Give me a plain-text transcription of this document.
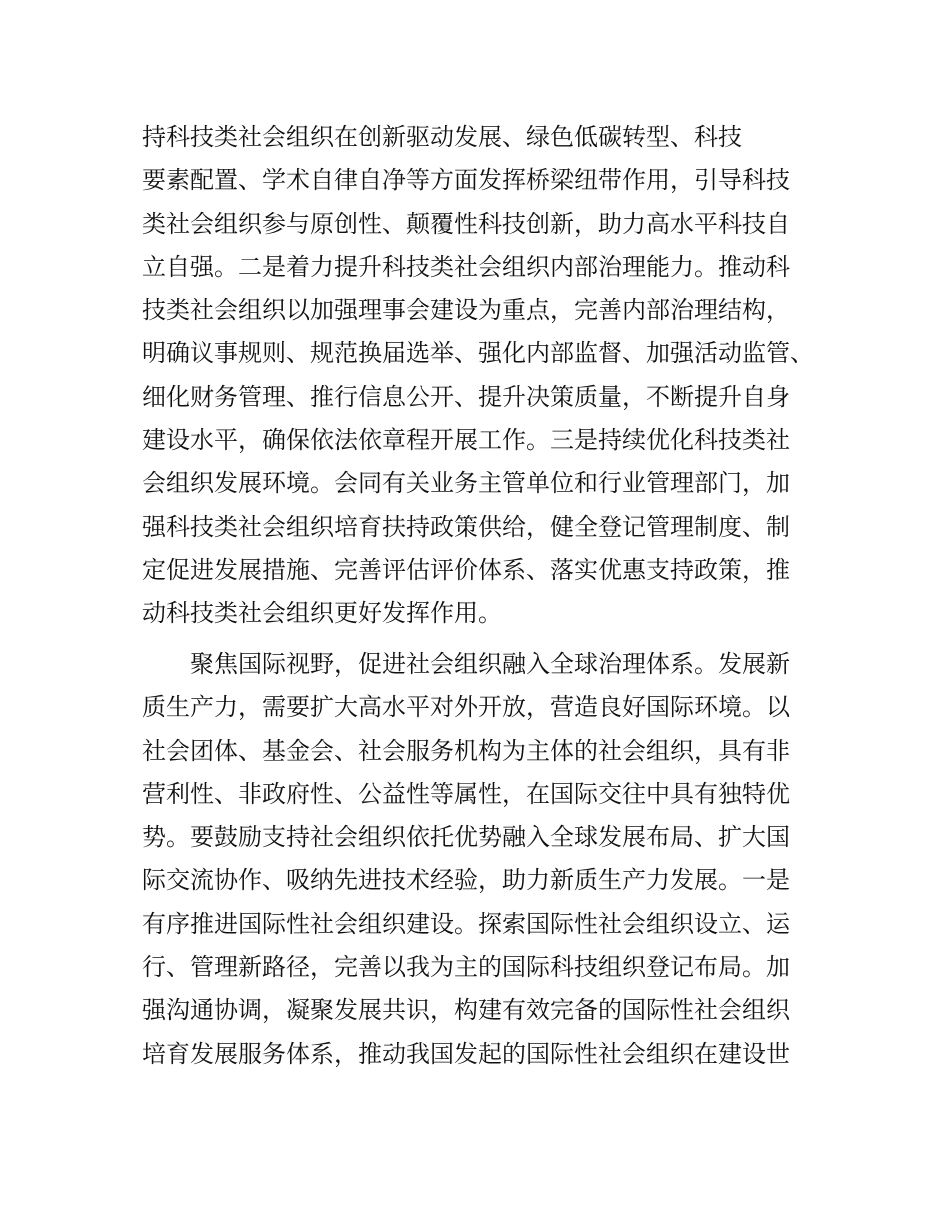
持科技类社会组织在创新驱动发展、绿色低碳转型、科技
要素配置、学术自律自净等方面发挥桥梁纽带作用，引导科技
类社会组织参与原创性、颠覆性科技创新，助力高水平科技自
立自强。二是着力提升科技类社会组织内部治理能力。推动科
技类社会组织以加强理事会建设为重点，完善内部治理结构，
明确议事规则、规范换届选举、强化内部监督、加强活动监管、
细化财务管理、推行信息公开、提升决策质量，不断提升自身
建设水平，确保依法依章程开展工作。三是持续优化科技类社
会组织发展环境。会同有关业务主管单位和行业管理部门，加
强科技类社会组织培育扶持政策供给，健全登记管理制度、制
定促进发展措施、完善评估评价体系、落实优惠支持政策，推
动科技类社会组织更好发挥作用。
聚焦国际视野，促进社会组织融入全球治理体系。发展新
质生产力，需要扩大高水平对外开放，营造良好国际环境。以
社会团体、基金会、社会服务机构为主体的社会组织，具有非
营利性、非政府性、公益性等属性，在国际交往中具有独特优
势。要鼓励支持社会组织依托优势融入全球发展布局、扩大国
际交流协作、吸纳先进技术经验，助力新质生产力发展。一是
有序推进国际性社会组织建设。探索国际性社会组织设立、运
行、管理新路径，完善以我为主的国际科技组织登记布局。加
强沟通协调，凝聚发展共识，构建有效完备的国际性社会组织
培育发展服务体系，推动我国发起的国际性社会组织在建设世
